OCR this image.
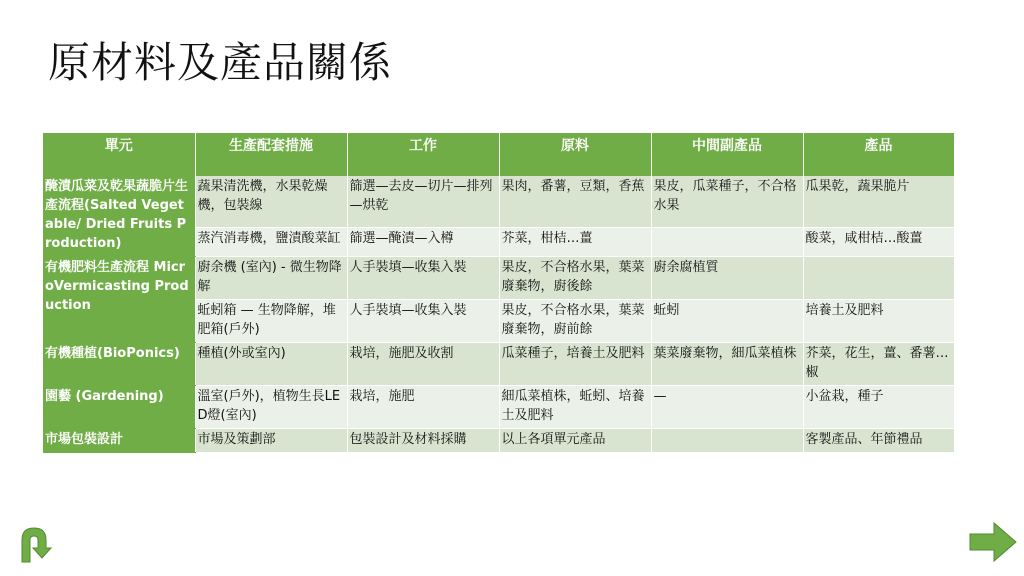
原材料及產品關係
單元	生產配套措施	工作	原料	中間副產品	產品
醃漬瓜菜及乾果蔬脆片生產流程(Salted Vegetable/ Dried Fruits Production)	蔬果清洗機，水果乾燥機，包裝線	篩選—去皮—切片—排列—烘乾	果肉，番薯，豆類，香蕉	果皮，瓜菜種子，不合格水果	瓜果乾，蔬果脆片
	蒸汽消毒機，鹽漬酸菜缸	篩選—醃漬—入樽	芥菜，柑桔…薑		酸菜，咸柑桔…酸薑
有機肥料生產流程 MicroVermicasting Production	廚余機 (室內) - 微生物降解	人手裝填—收集入裝	果皮，不合格水果，葉菜廢棄物，廚後餘	廚余腐植質	
	蚯蚓箱 — 生物降解，堆肥箱(戶外)	人手裝填—收集入裝	果皮，不合格水果，葉菜廢棄物，廚前餘	蚯蚓	培養土及肥料
有機種植(BioPonics)	種植(外或室內)	栽培，施肥及收割	瓜菜種子，培養土及肥料	葉菜廢棄物，細瓜菜植株	芥菜，花生，薑、番薯…椒
園藝 (Gardening)	溫室(戶外)，植物生長LED燈(室內)	栽培，施肥	細瓜菜植株，蚯蚓、培養土及肥料	—	小盆栽，種子
市場包裝設計	市場及策劃部	包裝設計及材料採購	以上各項單元產品		客製產品、年節禮品
